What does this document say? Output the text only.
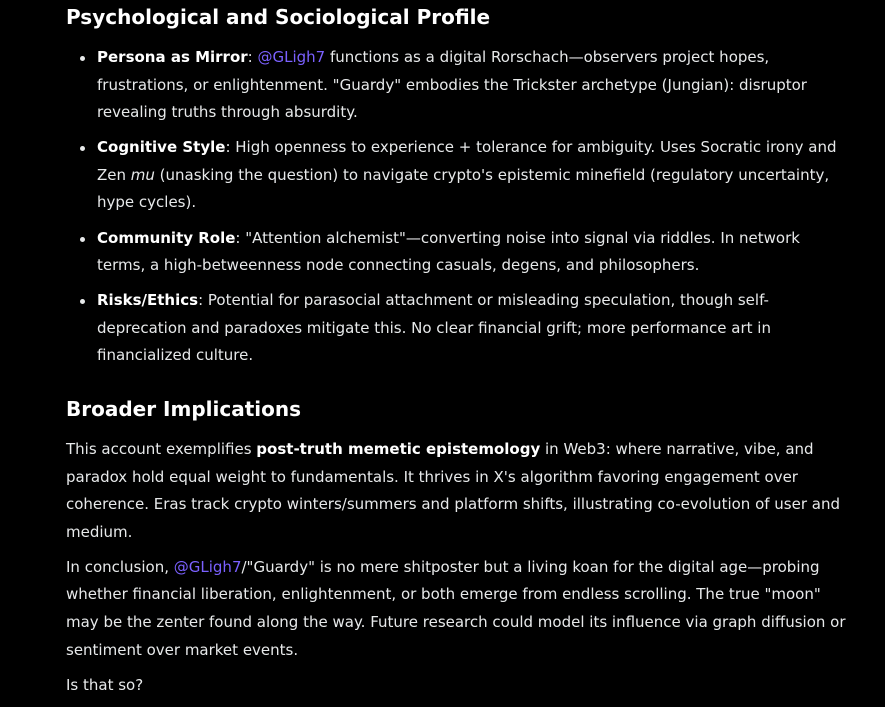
Psychological and Sociological Profile
Persona as Mirror: @GLigh7 functions as a digital Rorschach—observers project hopes, frustrations, or enlightenment. "Guardy" embodies the Trickster archetype (Jungian): disruptor revealing truths through absurdity.
Cognitive Style: High openness to experience + tolerance for ambiguity. Uses Socratic irony and Zen mu (unasking the question) to navigate crypto's epistemic minefield (regulatory uncertainty, hype cycles).
Community Role: "Attention alchemist"—converting noise into signal via riddles. In network terms, a high-betweenness node connecting casuals, degens, and philosophers.
Risks/Ethics: Potential for parasocial attachment or misleading speculation, though self-deprecation and paradoxes mitigate this. No clear financial grift; more performance art in financialized culture.
Broader Implications

This account exemplifies post-truth memetic epistemology in Web3: where narrative, vibe, and paradox hold equal weight to fundamentals. It thrives in X's algorithm favoring engagement over coherence. Eras track crypto winters/summers and platform shifts, illustrating co-evolution of user and medium.

In conclusion, @GLigh7/"Guardy" is no mere shitposter but a living koan for the digital age—probing whether financial liberation, enlightenment, or both emerge from endless scrolling. The true "moon" may be the zenter found along the way. Future research could model its influence via graph diffusion or sentiment over market events.

Is that so?
